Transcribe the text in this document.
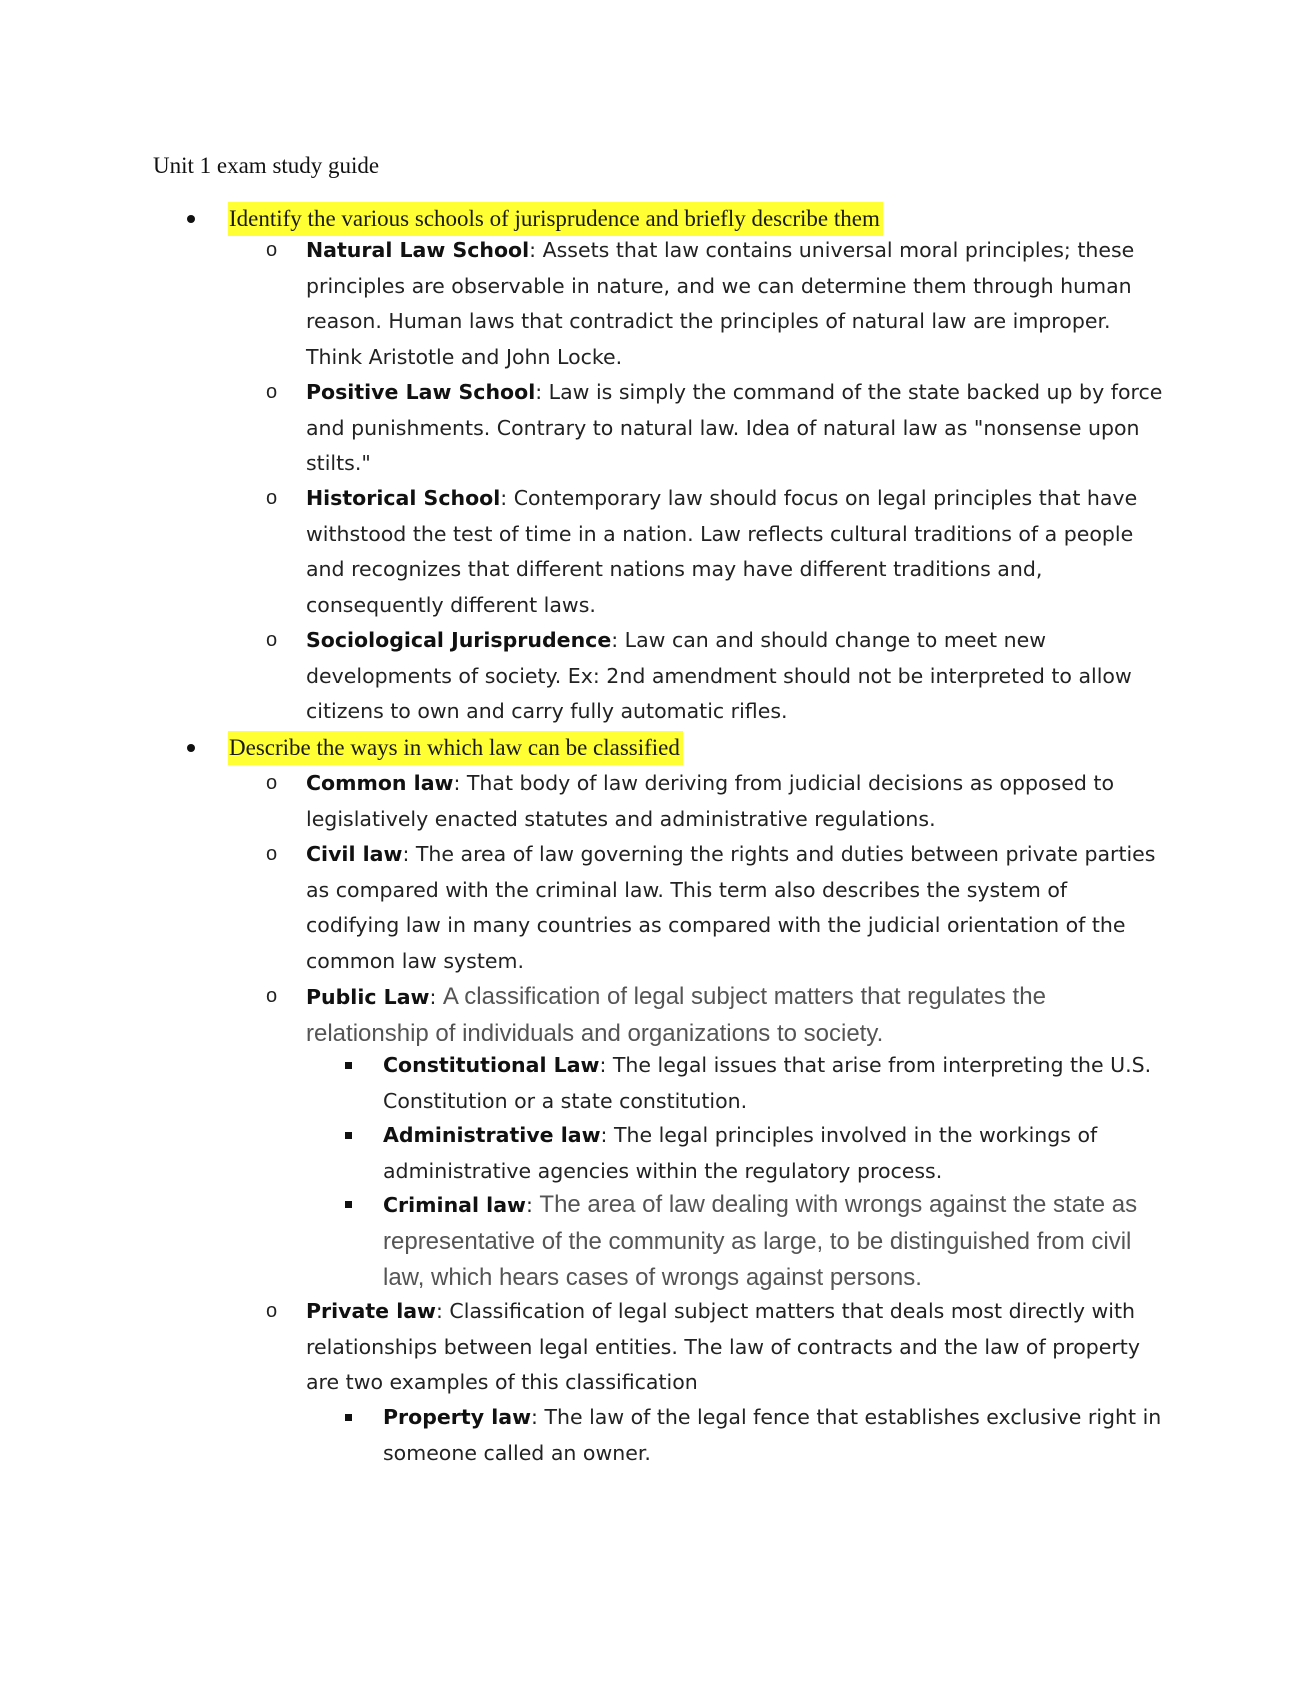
Unit 1 exam study guide
Identify the various schools of jurisprudence and briefly describe them
o	Natural Law School: Assets that law contains universal moral principles; these principles are observable in nature, and we can determine them through human reason. Human laws that contradict the principles of natural law are improper. Think Aristotle and John Locke.
o	Positive Law School: Law is simply the command of the state backed up by force and punishments. Contrary to natural law. Idea of natural law as "nonsense upon stilts."
o	Historical School: Contemporary law should focus on legal principles that have withstood the test of time in a nation. Law reflects cultural traditions of a people and recognizes that different nations may have different traditions and, consequently different laws.
o	Sociological Jurisprudence: Law can and should change to meet new developments of society. Ex: 2nd amendment should not be interpreted to allow citizens to own and carry fully automatic rifles.
Describe the ways in which law can be classified
o	Common law: That body of law deriving from judicial decisions as opposed to legislatively enacted statutes and administrative regulations.
o	Civil law: The area of law governing the rights and duties between private parties as compared with the criminal law. This term also describes the system of codifying law in many countries as compared with the judicial orientation of the common law system.
o	Public Law: A classification of legal subject matters that regulates the relationship of individuals and organizations to society.
Constitutional Law: The legal issues that arise from interpreting the U.S. Constitution or a state constitution.
Administrative law: The legal principles involved in the workings of administrative agencies within the regulatory process.
Criminal law: The area of law dealing with wrongs against the state as representative of the community as large, to be distinguished from civil law, which hears cases of wrongs against persons.
o	Private law: Classification of legal subject matters that deals most directly with relationships between legal entities. The law of contracts and the law of property are two examples of this classification
Property law: The law of the legal fence that establishes exclusive right in someone called an owner.
